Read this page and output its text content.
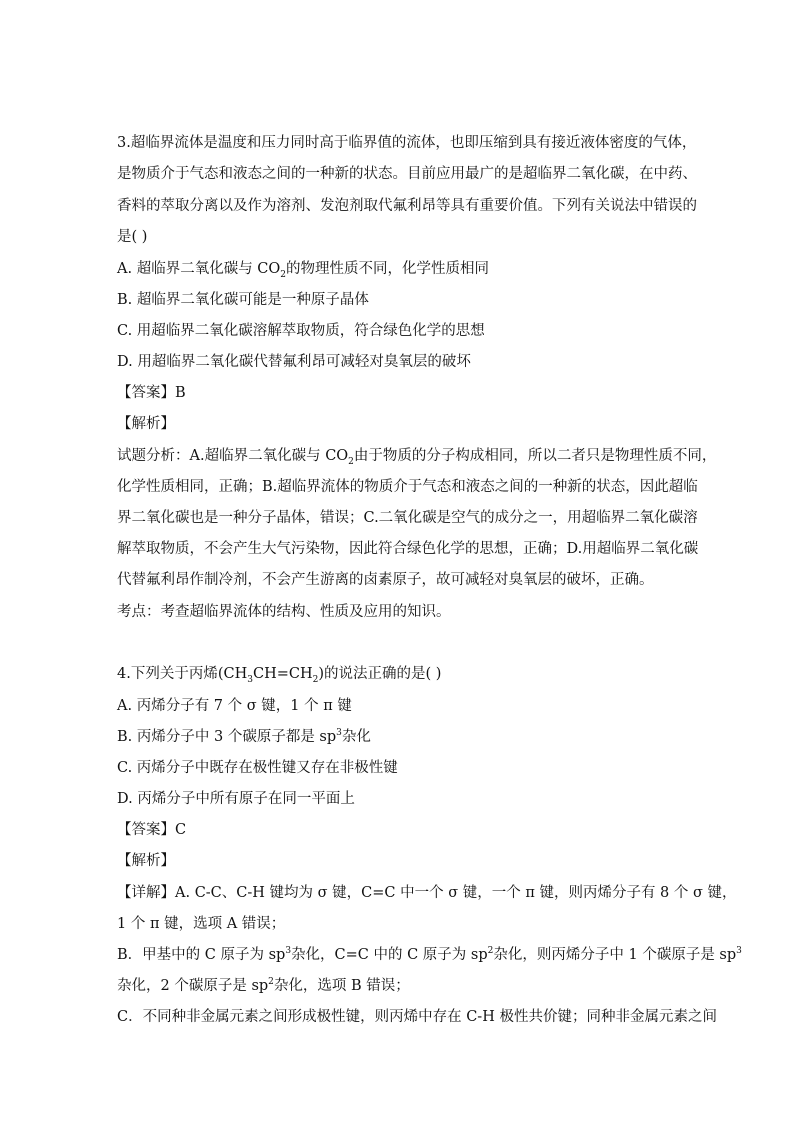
3.超临界流体是温度和压力同时高于临界值的流体，也即压缩到具有接近液体密度的气体，
是物质介于气态和液态之间的一种新的状态。目前应用最广的是超临界二氧化碳，在中药、
香料的萃取分离以及作为溶剂、发泡剂取代氟利昂等具有重要价值。下列有关说法中错误的
是( )
A. 超临界二氧化碳与 $CO_2$的物理性质不同，化学性质相同
B. 超临界二氧化碳可能是一种原子晶体
C. 用超临界二氧化碳溶解萃取物质，符合绿色化学的思想
D. 用超临界二氧化碳代替氟利昂可减轻对臭氧层的破坏
【答案】B
【解析】
试题分析：A.超临界二氧化碳与 $CO_2$由于物质的分子构成相同，所以二者只是物理性质不同，
化学性质相同，正确；B.超临界流体的物质介于气态和液态之间的一种新的状态，因此超临
界二氧化碳也是一种分子晶体，错误；C.二氧化碳是空气的成分之一，用超临界二氧化碳溶
解萃取物质，不会产生大气污染物，因此符合绿色化学的思想，正确；D.用超临界二氧化碳
代替氟利昂作制冷剂，不会产生游离的卤素原子，故可减轻对臭氧层的破坏，正确。
考点：考查超临界流体的结构、性质及应用的知识。
4.下列关于丙烯$(CH_3CH=CH_2)$的说法正确的是( )
A. 丙烯分子有 7 个 σ 键，1 个 π 键
B. 丙烯分子中 3 个碳原子都是 $sp^3$杂化
C. 丙烯分子中既存在极性键又存在非极性键
D. 丙烯分子中所有原子在同一平面上
【答案】C
【解析】
【详解】A. C-C、C-H 键均为 σ 键，C=C 中一个 σ 键，一个 π 键，则丙烯分子有 8 个 σ 键，
1 个 π 键，选项 A 错误；
B．甲基中的 C 原子为 $sp^3$杂化，C=C 中的 C 原子为 $sp^2$杂化，则丙烯分子中 1 个碳原子是 $sp^3$
杂化，2 个碳原子是 $sp^2$杂化，选项 B 错误；
C．不同种非金属元素之间形成极性键，则丙烯中存在 C-H 极性共价键；同种非金属元素之间
